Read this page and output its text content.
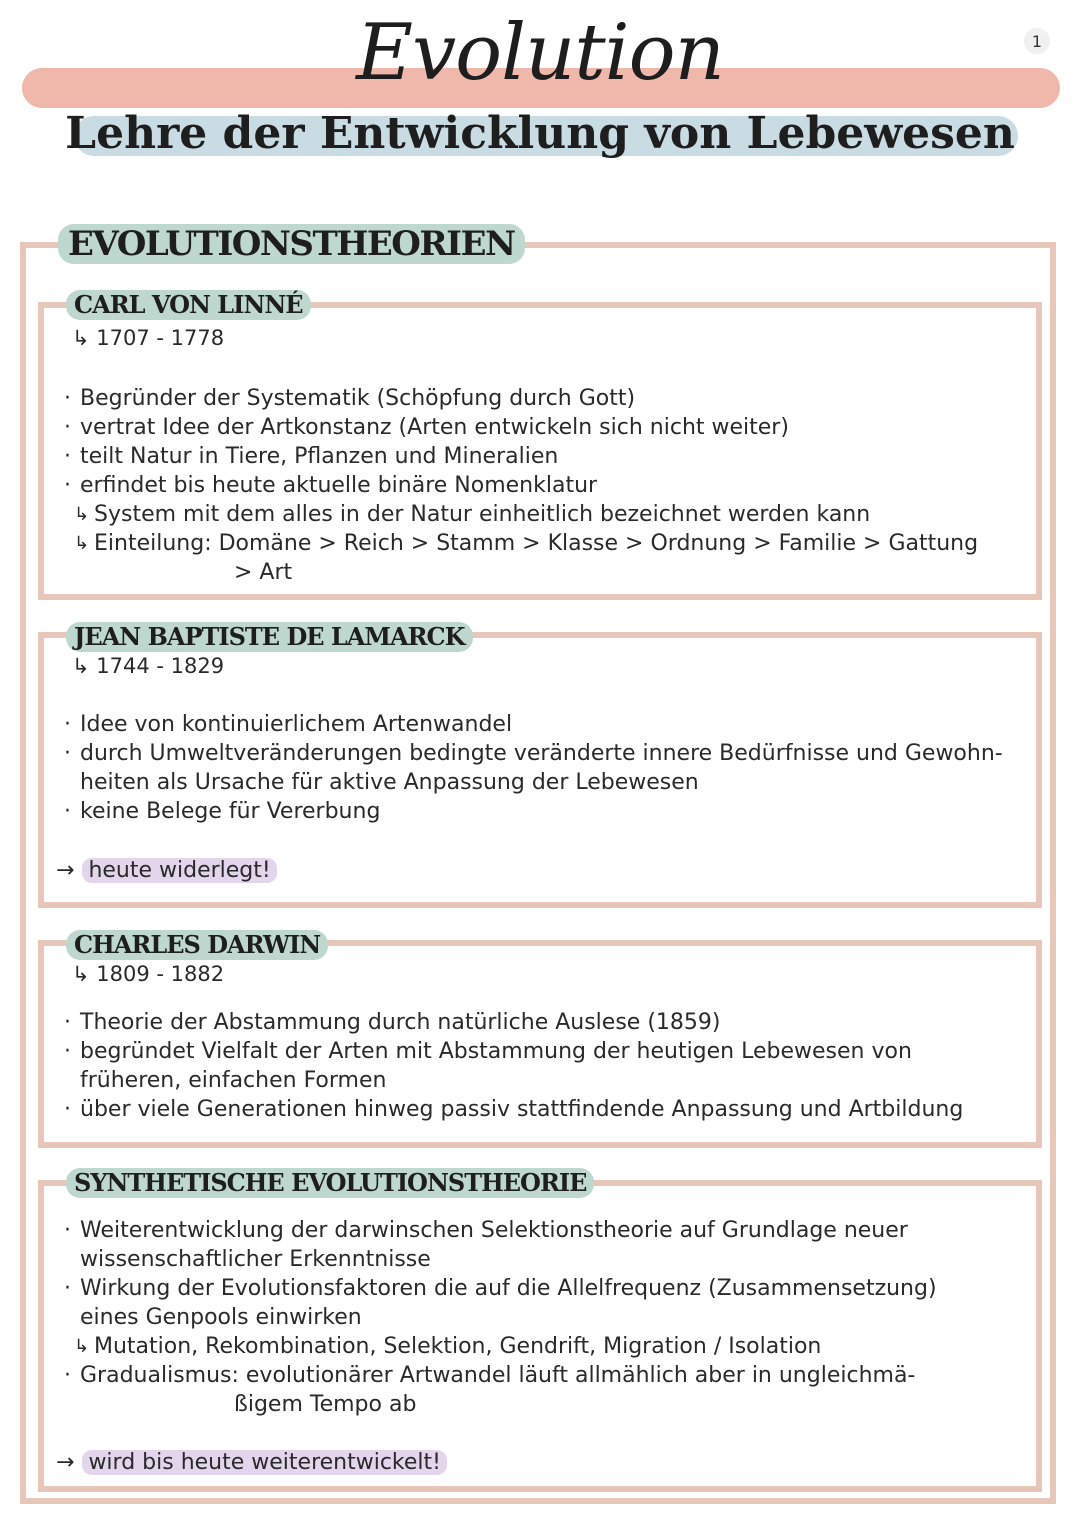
1
Evolution
Lehre der Entwicklung von Lebewesen
EVOLUTIONSTHEORIEN
CARL VON LINNÉ
↳ 1707 - 1778
· Begründer der Systematik (Schöpfung durch Gott)
· vertrat Idee der Artkonstanz (Arten entwickeln sich nicht weiter)
· teilt Natur in Tiere, Pflanzen und Mineralien
· erfindet bis heute aktuelle binäre Nomenklatur
↳ System mit dem alles in der Natur einheitlich bezeichnet werden kann
↳ Einteilung: Domäne > Reich > Stamm > Klasse > Ordnung > Familie > Gattung
> Art
JEAN BAPTISTE DE LAMARCK
↳ 1744 - 1829
· Idee von kontinuierlichem Artenwandel
· durch Umweltveränderungen bedingte veränderte innere Bedürfnisse und Gewohn-
heiten als Ursache für aktive Anpassung der Lebewesen
· keine Belege für Vererbung
→ heute widerlegt!
CHARLES DARWIN
↳ 1809 - 1882
· Theorie der Abstammung durch natürliche Auslese (1859)
· begründet Vielfalt der Arten mit Abstammung der heutigen Lebewesen von
früheren, einfachen Formen
· über viele Generationen hinweg passiv stattfindende Anpassung und Artbildung
SYNTHETISCHE EVOLUTIONSTHEORIE
· Weiterentwicklung der darwinschen Selektionstheorie auf Grundlage neuer
wissenschaftlicher Erkenntnisse
· Wirkung der Evolutionsfaktoren die auf die Allelfrequenz (Zusammensetzung)
eines Genpools einwirken
↳ Mutation, Rekombination, Selektion, Gendrift, Migration / Isolation
· Gradualismus: evolutionärer Artwandel läuft allmählich aber in ungleichmä-
ßigem Tempo ab
→ wird bis heute weiterentwickelt!
